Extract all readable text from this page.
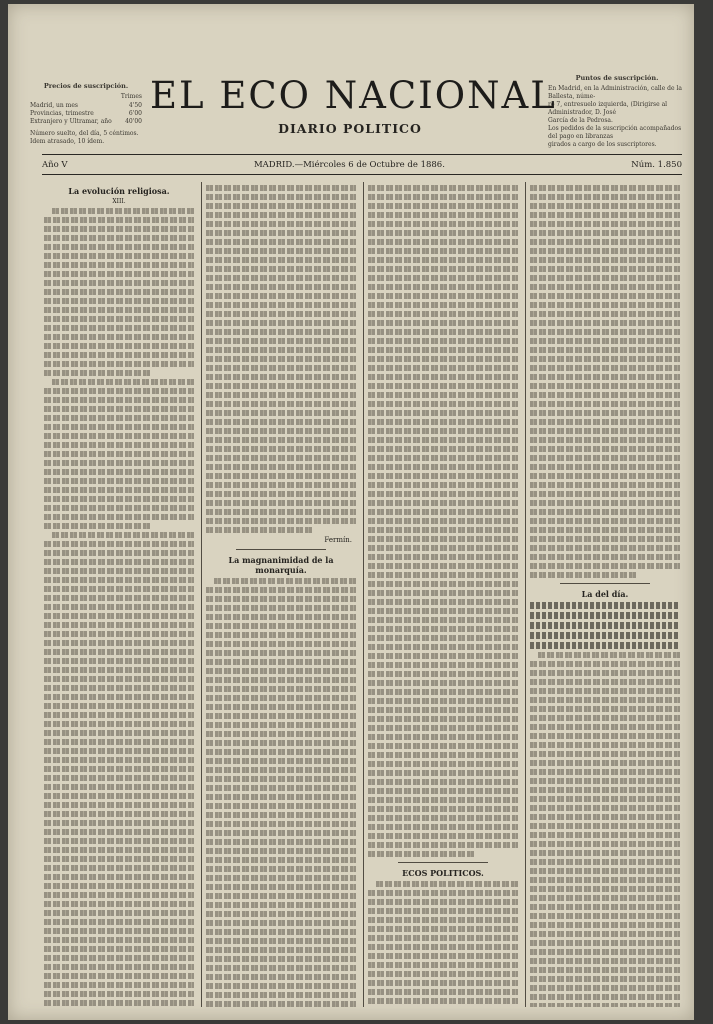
Precios de suscripción.
Trimes
Madrid, un mes	4'50
Provincias, trimestre	6'00
Extranjero y Ultramar, año 40'00
Número suelto, del día, 5 céntimos.
Idem atrasado, 10 ídem.
EL ECO NACIONAL
DIARIO POLITICO
Puntos de suscripción.
En Madrid, en la Administración, calle de la Ballesta, núme-
ro 7, entresuelo izquierda, (Dirigirse al Administrador, D. José
García de la Pedrosa.
Los pedidos de la suscripción acompañados del pago en libranzas
girados a cargo de los suscriptores.
Año V	MADRID.—Miércoles 6 de Octubre de 1886.	Núm. 1.850
La evolución religiosa.
XIII.
Fermín.
La magnanimidad de la monarquía.
ECOS POLITICOS.
La del día.
